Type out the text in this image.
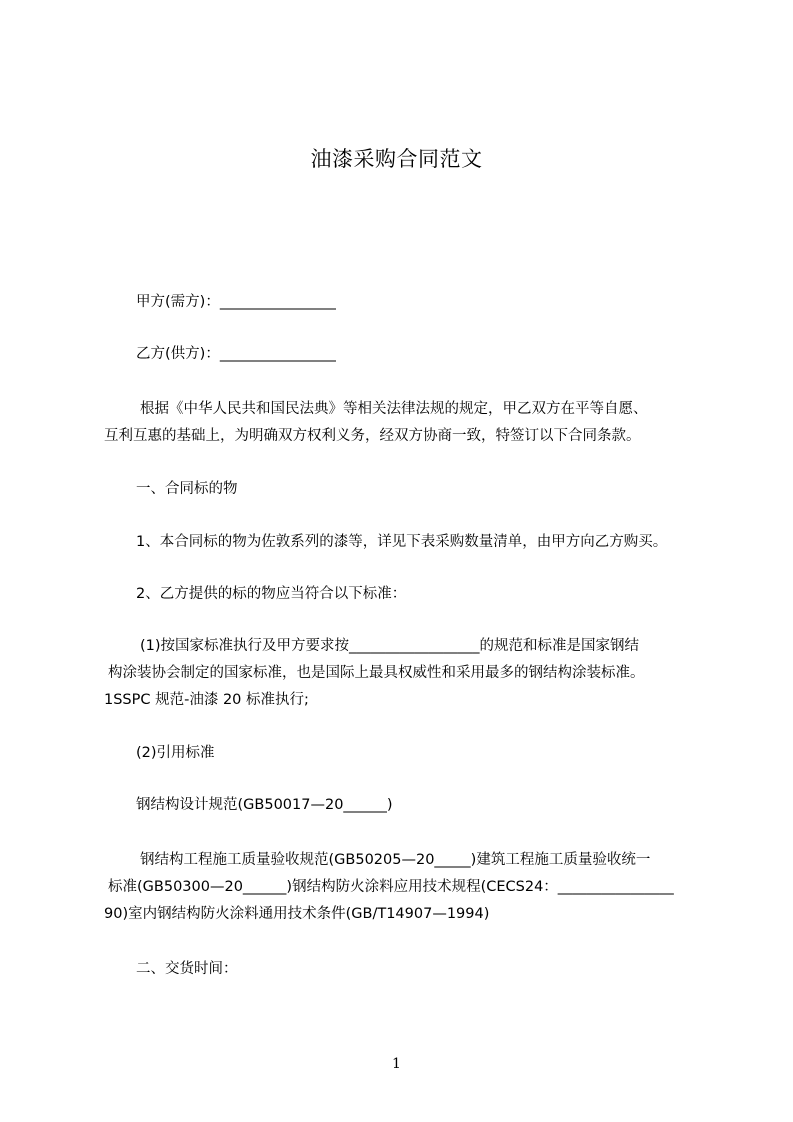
油漆采购合同范文
甲方(需方)：________________
乙方(供方)：________________
根据《中华人民共和国民法典》等相关法律法规的规定，甲乙双方在平等自愿、
互利互惠的基础上，为明确双方权利义务，经双方协商一致，特签订以下合同条款。
一、合同标的物
1、本合同标的物为佐敦系列的漆等，详见下表采购数量清单，由甲方向乙方购买。
2、乙方提供的标的物应当符合以下标准：
(1)按国家标准执行及甲方要求按__________________的规范和标准是国家钢结
构涂装协会制定的国家标准，也是国际上最具权威性和采用最多的钢结构涂装标准。
1SSPC 规范-油漆 20 标准执行;
(2)引用标准
钢结构设计规范(GB50017—20______)
钢结构工程施工质量验收规范(GB50205—20_____)建筑工程施工质量验收统一
标准(GB50300—20______)钢结构防火涂料应用技术规程(CECS24：________________
90)室内钢结构防火涂料通用技术条件(GB/T14907—1994)
二、交货时间：
1
